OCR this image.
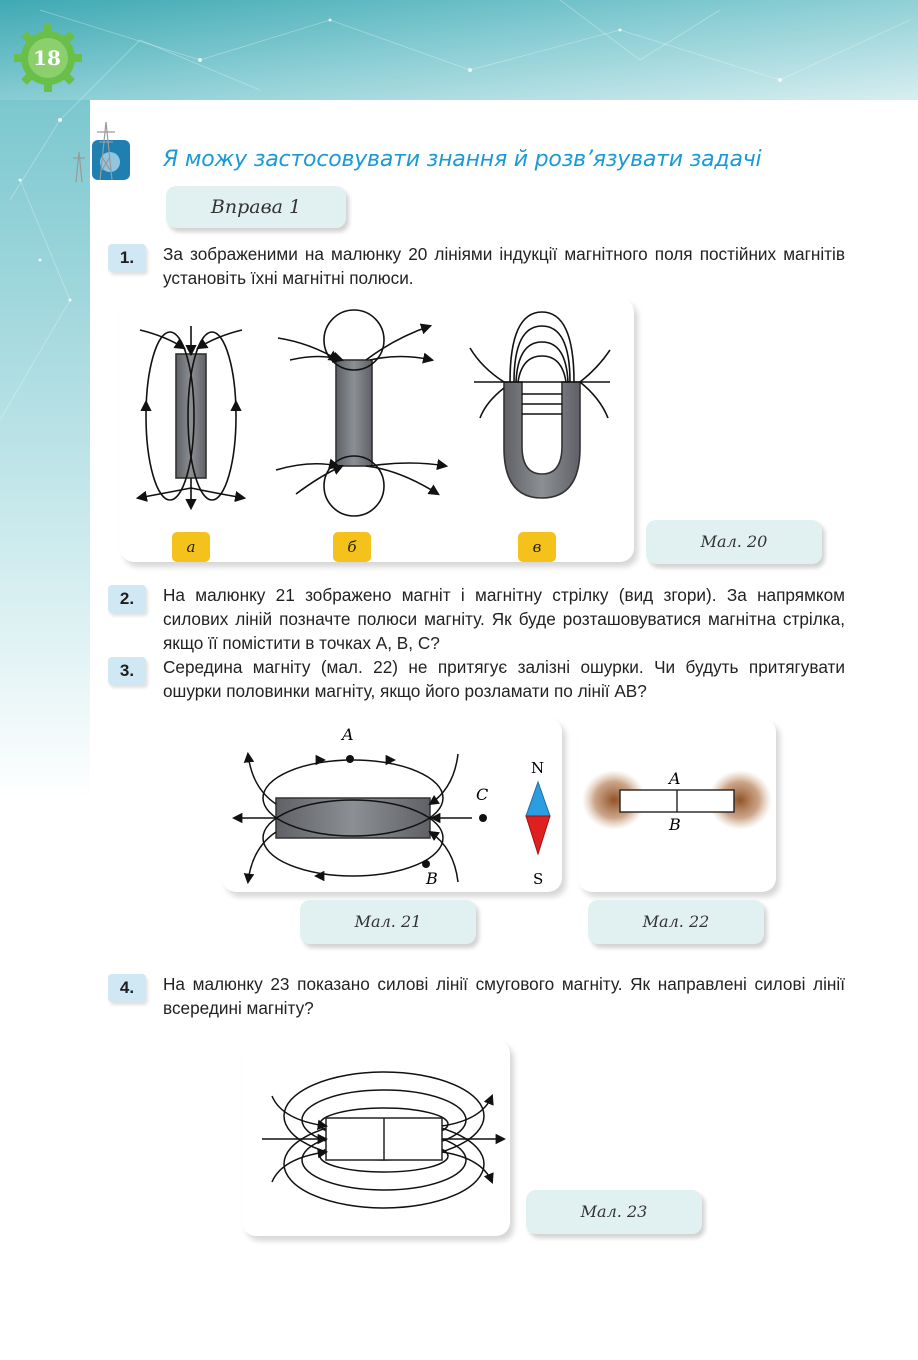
18
Я можу застосовувати знання й розв’язувати задачі
Вправа 1
1.	За зображеними на малюнку 20 лініями індукції магнітного поля постійних магнітів установіть їхні магнітні полюси.
а	б	в	Мал. 20
2.	На малюнку 21 зображено магніт і магнітну стрілку (вид згори). За напрямком силових ліній позначте полюси магніту. Як буде розташовуватися магнітна стрілка, якщо її помістити в точках A, B, C?
3.	Середина магніту (мал. 22) не притягує залізні ошурки. Чи будуть притягувати ошурки половинки магніту, якщо його розламати по лінії AB?
A
C
B
N
S
Мал. 21
A
B
Мал. 22
4.	На малюнку 23 показано силові лінії смугового магніту. Як направлені силові лінії всередині магніту?
Мал. 23
